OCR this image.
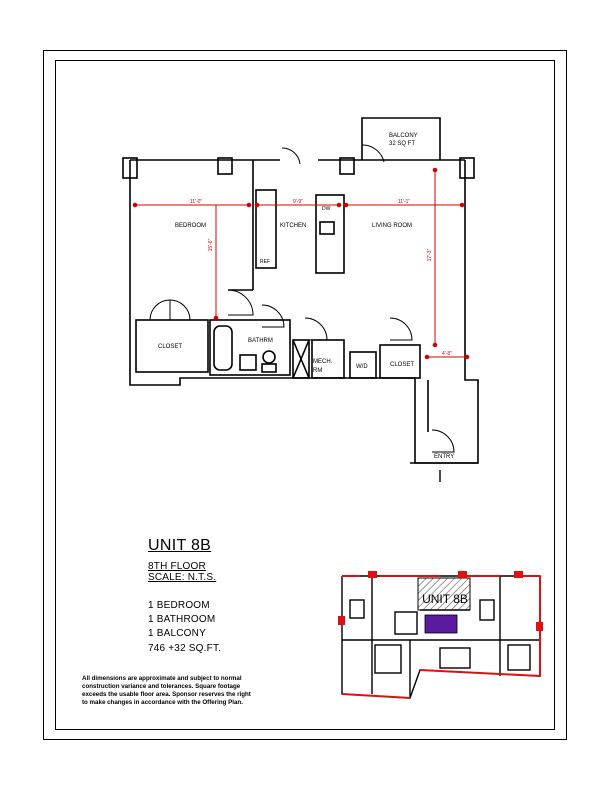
11'-0"	9'-9"	11'-1"
15'-6"
17'-3"
4'-8"
BEDROOM	KITCHEN	LIVING ROOM
CLOSET
BATHRM
MECH.
RM
W/D	CLOSET
BALCONY
32 SQ FT
ENTRY
REF
DW
UNIT 8B
8TH FLOOR
SCALE: N.T.S.
1 BEDROOM
1 BATHROOM
1 BALCONY
746 +32 SQ.FT.
All dimensions are approximate and subject to normal
construction variance and tolerances. Square footage
exceeds the usable floor area. Sponsor reserves the right
to make changes in accordance with the Offering Plan.
UNIT 8B
